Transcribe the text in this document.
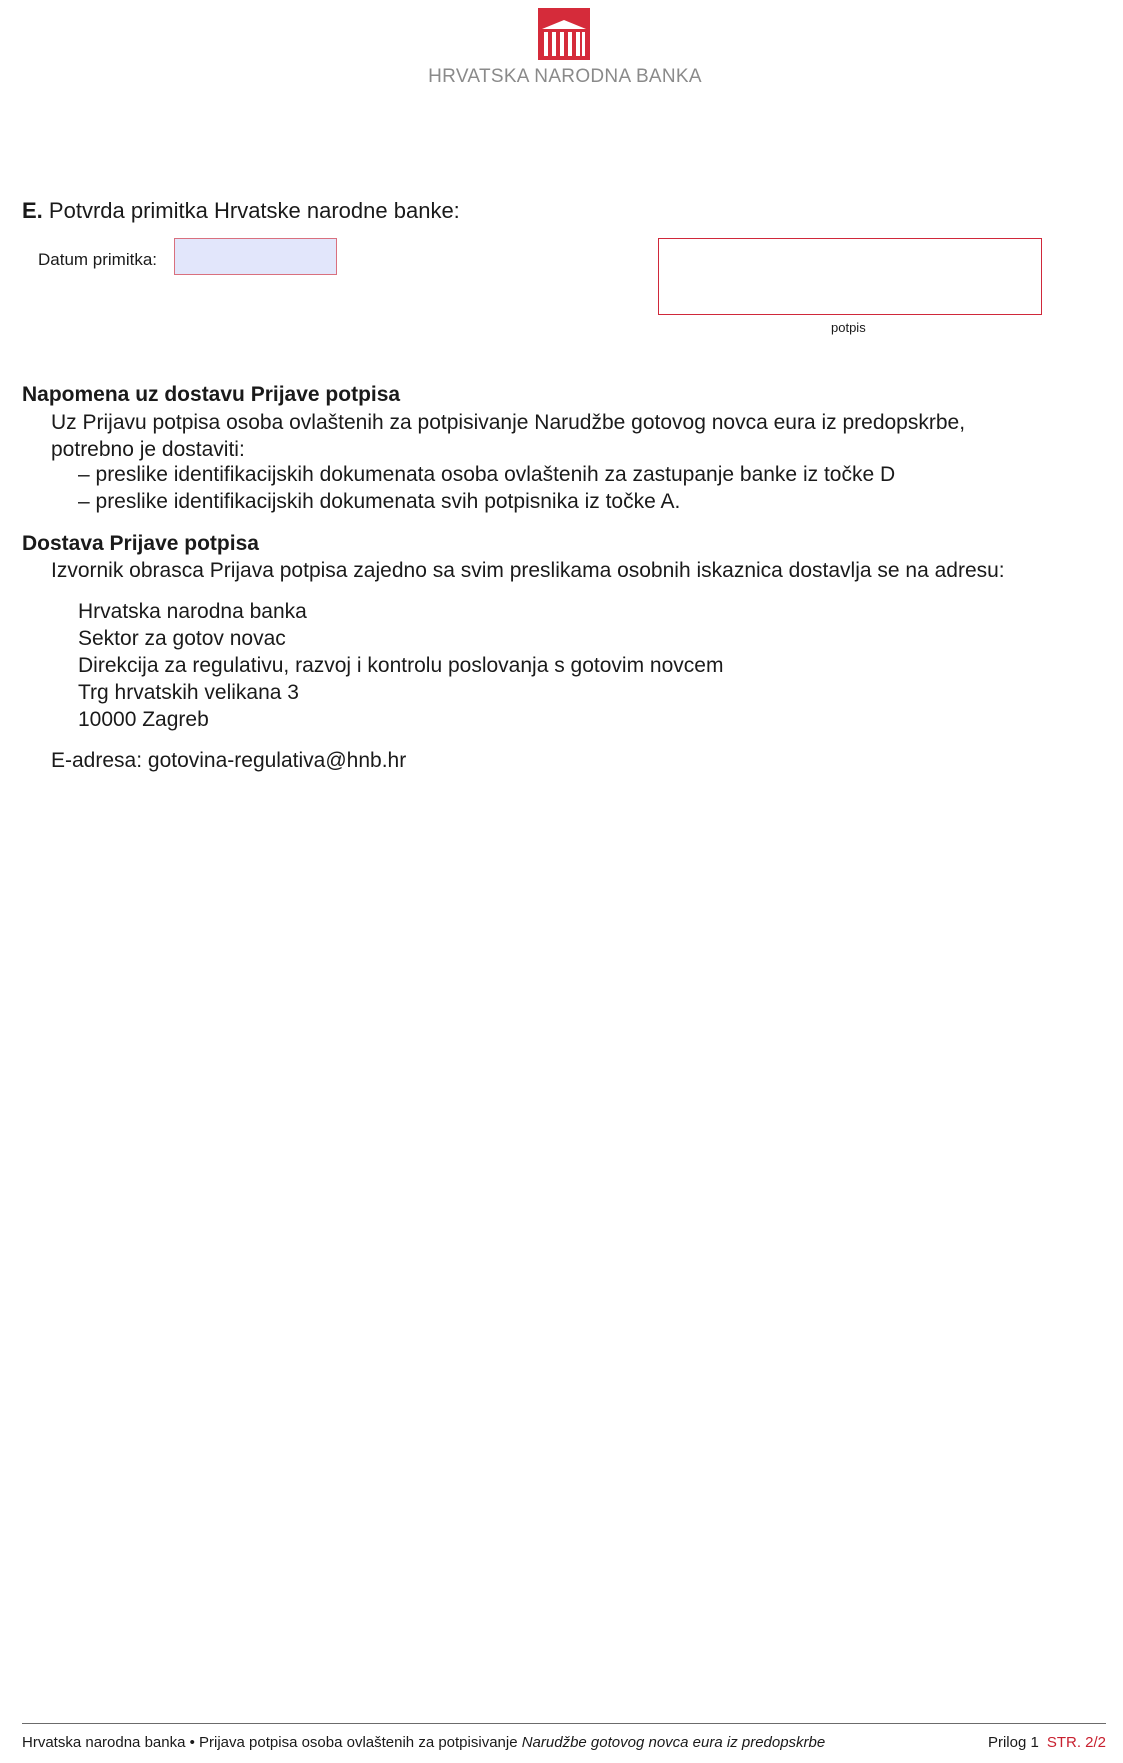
HRVATSKA NARODNA BANKA
E. Potvrda primitka Hrvatske narodne banke:
Datum primitka:
potpis
Napomena uz dostavu Prijave potpisa
Uz Prijavu potpisa osoba ovlaštenih za potpisivanje Narudžbe gotovog novca eura iz predopskrbe,
potrebno je dostaviti:
– preslike identifikacijskih dokumenata osoba ovlaštenih za zastupanje banke iz točke D
– preslike identifikacijskih dokumenata svih potpisnika iz točke A.
Dostava Prijave potpisa
Izvornik obrasca Prijava potpisa zajedno sa svim preslikama osobnih iskaznica dostavlja se na adresu:
Hrvatska narodna banka
Sektor za gotov novac
Direkcija za regulativu, razvoj i kontrolu poslovanja s gotovim novcem
Trg hrvatskih velikana 3
10000 Zagreb
E-adresa: gotovina-regulativa@hnb.hr
Hrvatska narodna banka • Prijava potpisa osoba ovlaštenih za potpisivanje Narudžbe gotovog novca eura iz predopskrbe	Prilog 1 STR. 2/2
